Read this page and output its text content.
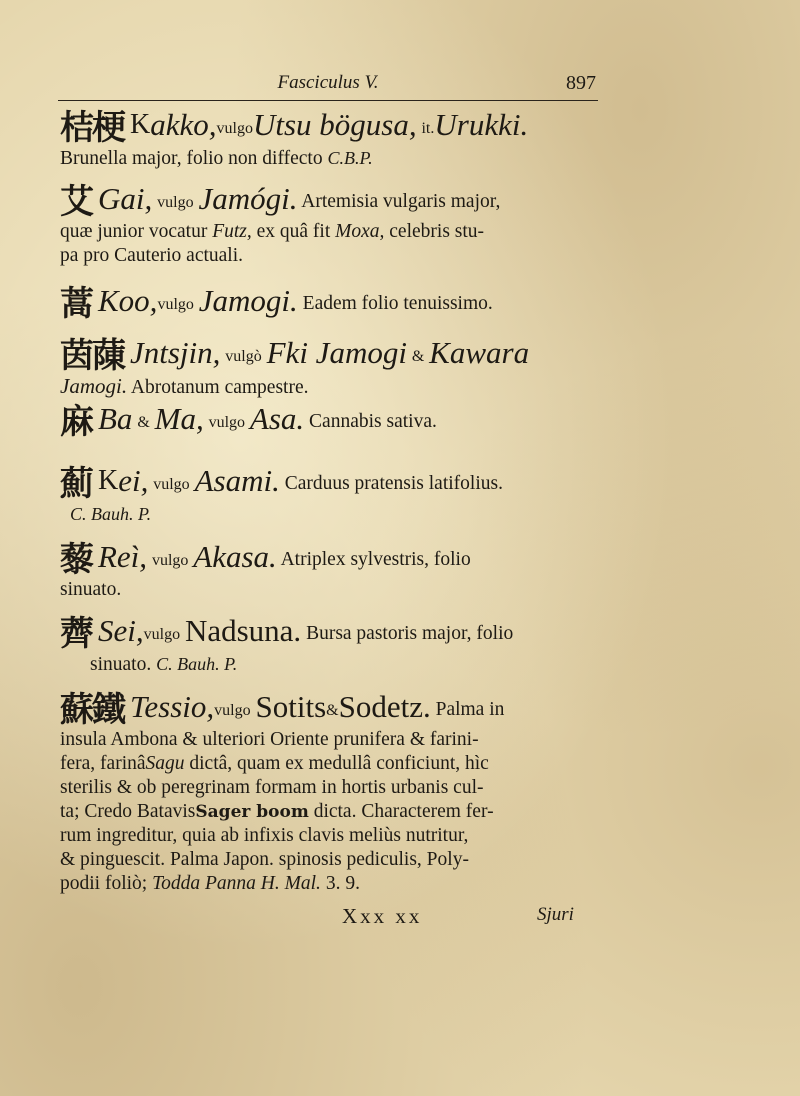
Fasciculus V.	897
桔梗 Kakko,vulgoUtsu bögusa, it.Urukki.
Brunella major, folio non diffecto C.B.P.
艾 Gai, vulgo Jamógi. Artemisia vulgaris major,
quæ junior vocatur Futz, ex quâ fit Moxa, celebris stu-
pa pro Cauterio actuali.
蒿 Koo,vulgo Jamogi. Eadem folio tenuissimo.
茵蔯 Jntsjin, vulgò Fki Jamogi & Kawara
Jamogi. Abrotanum campestre.
麻 Ba & Ma, vulgo Asa. Cannabis sativa.
薊 Kei, vulgo Asami. Carduus pratensis latifolius.
C. Bauh. P.
藜 Reì, vulgo Akasa. Atriplex sylvestris, folio
sinuato.
薺 Sei,vulgo Nadsuna. Bursa pastoris major, folio
sinuato. C. Bauh. P.
蘇鐵 Tessio,vulgo Sotits&Sodetz. Palma in
insula Ambona & ulteriori Oriente prunifera & farini-
fera, farinâSagu dictâ, quam ex medullâ conficiunt, hìc
sterilis & ob peregrinam formam in hortis urbanis cul-
ta; Credo BatavisSager boom dicta. Characterem fer-
rum ingreditur, quia ab infixis clavis meliùs nutritur,
& pinguescit. Palma Japon. spinosis pediculis, Poly-
podii foliò; Todda Panna H. Mal. 3. 9.
Xxx xx	Sjuri
